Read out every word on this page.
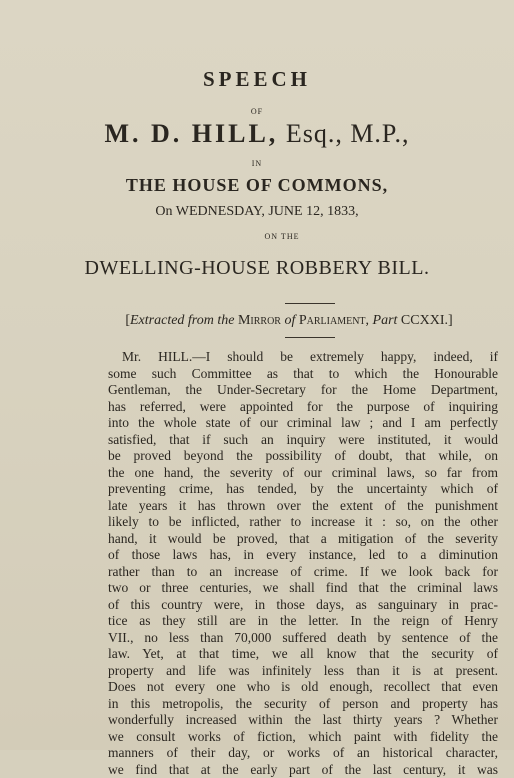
SPEECH
OF
M. D. HILL, Esq., M.P.,
IN
THE HOUSE OF COMMONS,
On WEDNESDAY, JUNE 12, 1833,
ON THE
DWELLING-HOUSE ROBBERY BILL.
[Extracted from the Mirror of Parliament, Part CCXXI.]
Mr. HILL.—I should be extremely happy, indeed, if
some such Committee as that to which the Honourable
Gentleman, the Under-Secretary for the Home Department,
has referred, were appointed for the purpose of inquiring
into the whole state of our criminal law ; and I am perfectly
satisfied, that if such an inquiry were instituted, it would
be proved beyond the possibility of doubt, that while, on
the one hand, the severity of our criminal laws, so far from
preventing crime, has tended, by the uncertainty which of
late years it has thrown over the extent of the punishment
likely to be inflicted, rather to increase it : so, on the other
hand, it would be proved, that a mitigation of the severity
of those laws has, in every instance, led to a diminution
rather than to an increase of crime. If we look back for
two or three centuries, we shall find that the criminal laws
of this country were, in those days, as sanguinary in prac-
tice as they still are in the letter. In the reign of Henry
VII., no less than 70,000 suffered death by sentence of the
law. Yet, at that time, we all know that the security of
property and life was infinitely less than it is at present.
Does not every one who is old enough, recollect that even
in this metropolis, the security of person and property has
wonderfully increased within the last thirty years ? Whether
we consult works of fiction, which paint with fidelity the
manners of their day, or works of an historical character,
we find that at the early part of the last century, it was
